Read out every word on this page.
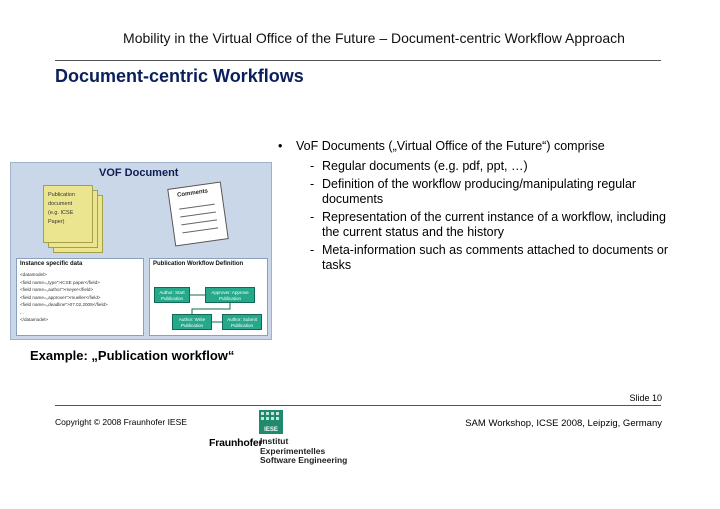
Mobility in the Virtual Office of the Future – Document-centric Workflow Approach
Document-centric Workflows
• VoF Documents („Virtual Office of the Future“) comprise
- Regular documents (e.g. pdf, ppt, …)
- Definition of the workflow producing/manipulating regular documents
- Representation of the current instance of a workflow, including the current status and the history
- Meta-information such as comments attached to documents or tasks
VOF Document
Publication
document
(e.g. ICSE
Paper)
Comments
Instance specific data
<datamodel>
<field name=„type“>ICSE paper</field>
<field name=„author“>meyer</field>
<field name=„approver“>mueller</field>
<field name=„deadline“>07.02.2008</field>
...
</datamodel>
Publication Workflow Definition
Author: Start Publication
Approver: Approve Publication
Author: Write Publication
Author: Submit Publication
Example: „Publication workflow“
Slide 10
Copyright © 2008 Fraunhofer IESE
IESE
Fraunhofer
Institut
Experimentelles
Software Engineering
SAM Workshop, ICSE 2008, Leipzig, Germany
